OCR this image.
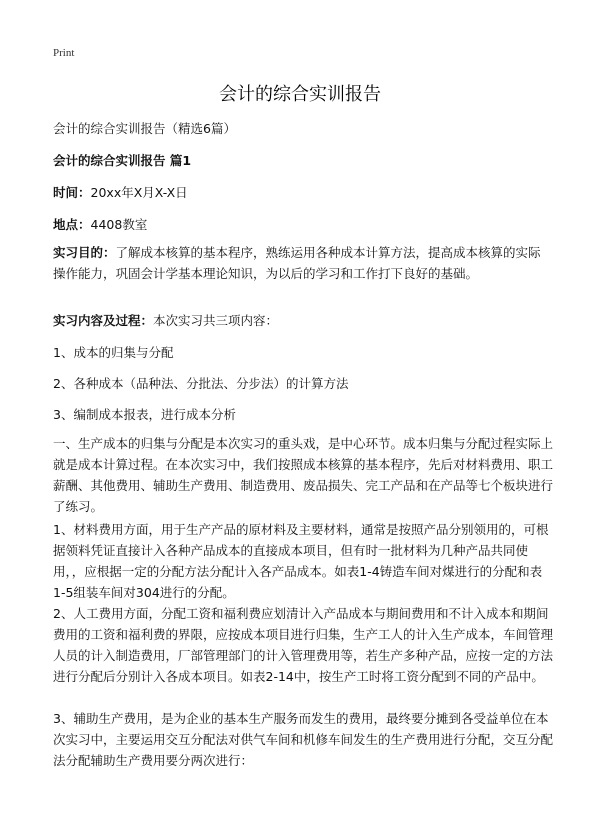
Print
会计的综合实训报告
会计的综合实训报告（精选6篇）
会计的综合实训报告 篇1
时间：20xx年X月X-X日
地点：4408教室
实习目的：了解成本核算的基本程序，熟练运用各种成本计算方法，提高成本核算的实际操作能力，巩固会计学基本理论知识，为以后的学习和工作打下良好的基础。
实习内容及过程：本次实习共三项内容：
1、成本的归集与分配
2、各种成本（品种法、分批法、分步法）的计算方法
3、编制成本报表，进行成本分析
一、生产成本的归集与分配是本次实习的重头戏，是中心环节。成本归集与分配过程实际上就是成本计算过程。在本次实习中，我们按照成本核算的基本程序，先后对材料费用、职工薪酬、其他费用、辅助生产费用、制造费用、废品损失、完工产品和在产品等七个板块进行了练习。
1、材料费用方面，用于生产产品的原材料及主要材料，通常是按照产品分别领用的，可根据领料凭证直接计入各种产品成本的直接成本项目，但有时一批材料为几种产品共同使用，，应根据一定的分配方法分配计入各产品成本。如表1-4铸造车间对煤进行的分配和表1-5组装车间对304进行的分配。
2、人工费用方面，分配工资和福利费应划清计入产品成本与期间费用和不计入成本和期间费用的工资和福利费的界限，应按成本项目进行归集，生产工人的计入生产成本，车间管理人员的计入制造费用，厂部管理部门的计入管理费用等，若生产多种产品，应按一定的方法进行分配后分别计入各成本项目。如表2-14中，按生产工时将工资分配到不同的产品中。
3、辅助生产费用，是为企业的基本生产服务而发生的费用，最终要分摊到各受益单位在本次实习中，主要运用交互分配法对供气车间和机修车间发生的生产费用进行分配，交互分配法分配辅助生产费用要分两次进行：
